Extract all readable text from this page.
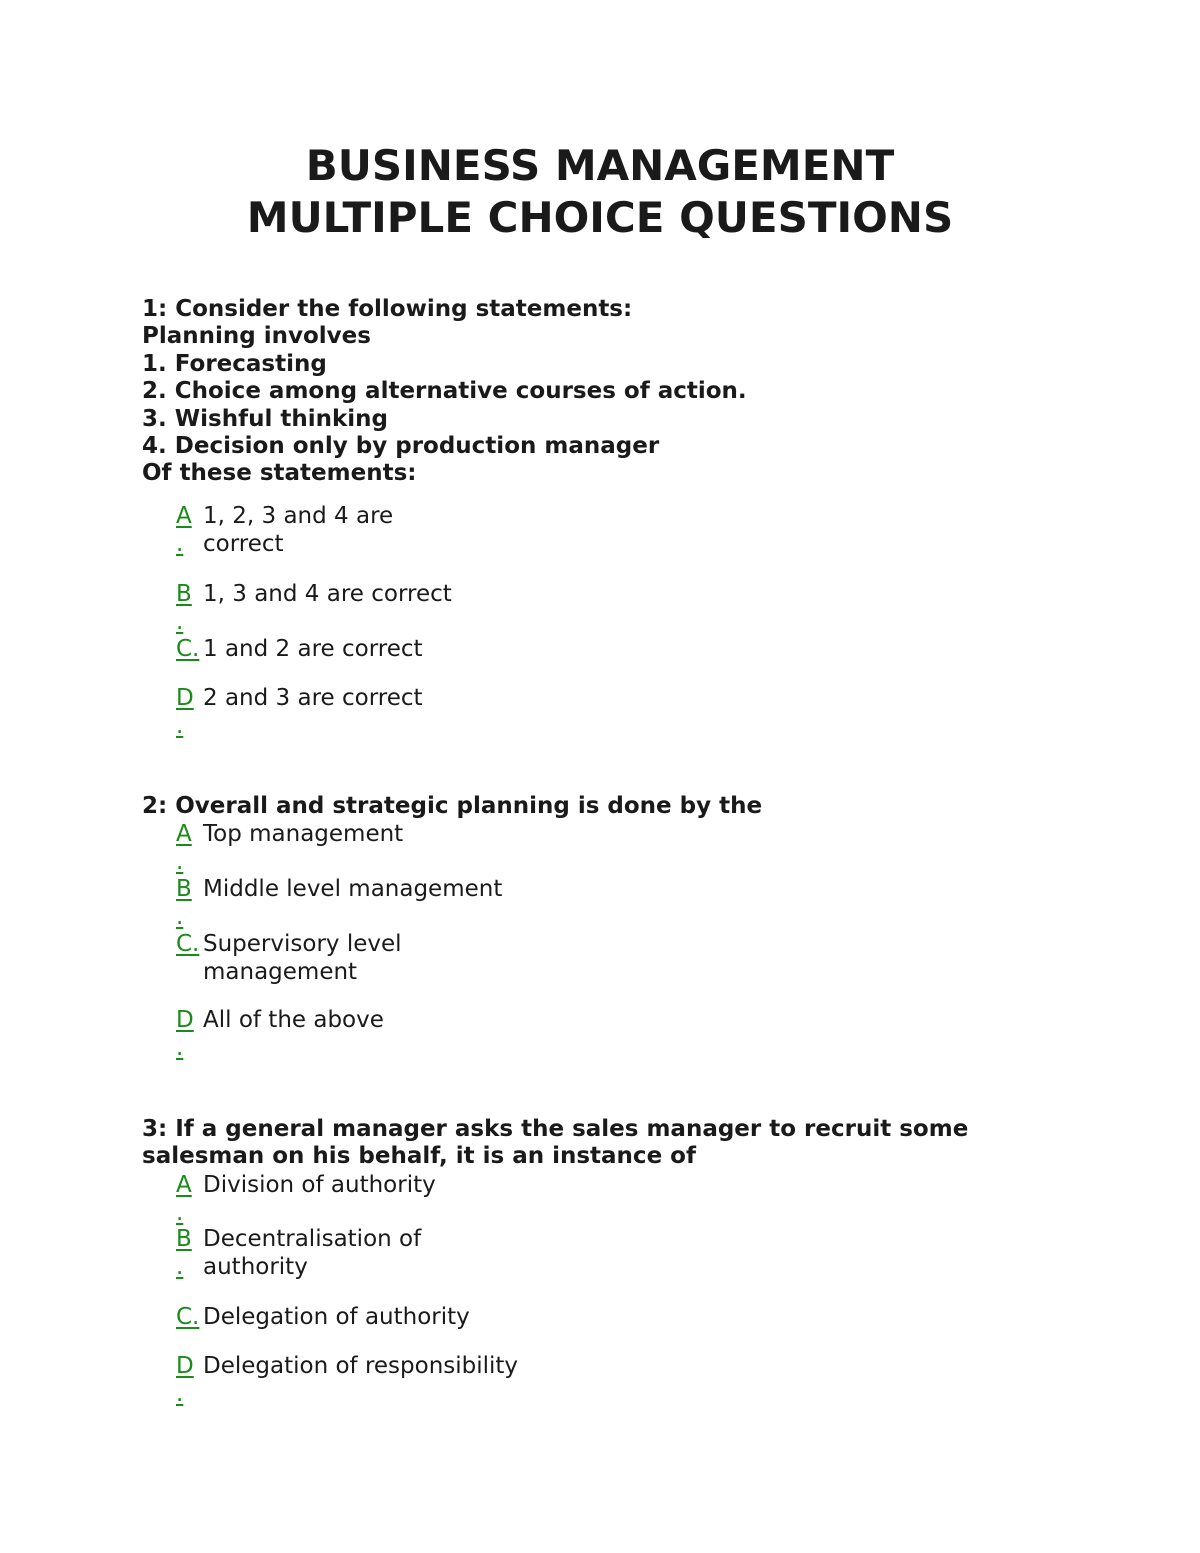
BUSINESS MANAGEMENT
MULTIPLE CHOICE QUESTIONS
1: Consider the following statements:
Planning involves
1. Forecasting
2. Choice among alternative courses of action.
3. Wishful thinking
4. Decision only by production manager
Of these statements:
A
.
1, 2, 3 and 4 are
correct
B
.
1, 3 and 4 are correct
C. 1 and 2 are correct
D
.
2 and 3 are correct
2: Overall and strategic planning is done by the
A
.
Top management
B
.
Middle level management
C. Supervisory level
management
D
.
All of the above
3: If a general manager asks the sales manager to recruit some
salesman on his behalf, it is an instance of
A
.
Division of authority
B
.
Decentralisation of
authority
C. Delegation of authority
D
.
Delegation of responsibility
